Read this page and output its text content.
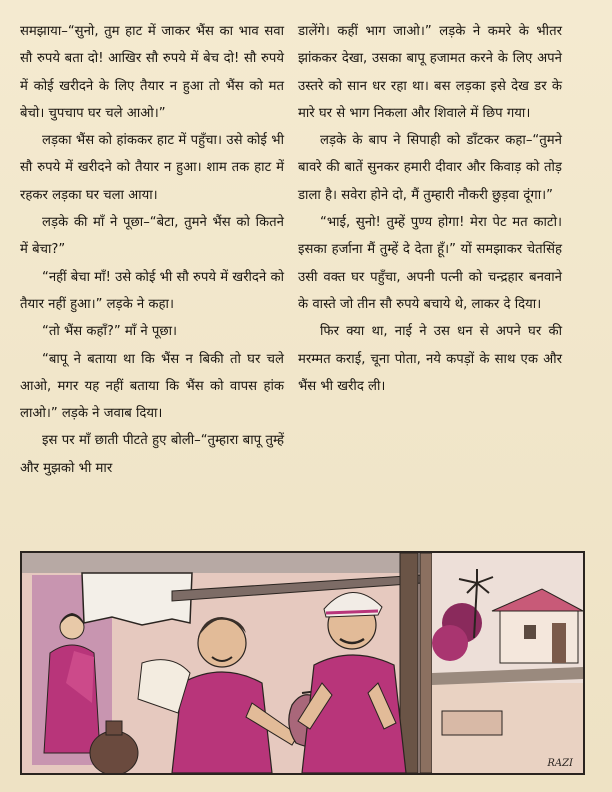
समझाया–“सुनो, तुम हाट में जाकर भैंस का भाव सवा सौ रुपये बता दो! आखिर सौ रुपये में बेच दो! सौ रुपये में कोई खरीदने के लिए तैयार न हुआ तो भैंस को मत बेचो। चुपचाप घर चले आओ।”

लड़का भैंस को हांककर हाट में पहुँचा। उसे कोई भी सौ रुपये में खरीदने को तैयार न हुआ। शाम तक हाट में रहकर लड़का घर चला आया।

लड़के की माँ ने पूछा–“बेटा, तुमने भैंस को कितने में बेचा?”

“नहीं बेचा माँ! उसे कोई भी सौ रुपये में खरीदने को तैयार नहीं हुआ।” लड़के ने कहा।

“तो भैंस कहाँ?” माँ ने पूछा।

“बापू ने बताया था कि भैंस न बिकी तो घर चले आओ, मगर यह नहीं बताया कि भैंस को वापस हांक लाओ।” लड़के ने जवाब दिया।

इस पर माँ छाती पीटते हुए बोली–“तुम्हारा बापू तुम्हें और मुझको भी मार

डालेंगे। कहीं भाग जाओ।” लड़के ने कमरे के भीतर झांककर देखा, उसका बापू हजामत करने के लिए अपने उस्तरे को सान धर रहा था। बस लड़का इसे देख डर के मारे घर से भाग निकला और शिवाले में छिप गया।

लड़के के बाप ने सिपाही को डाँटकर कहा–“तुमने बावरे की बातें सुनकर हमारी दीवार और किवाड़ को तोड़ डाला है। सवेरा होने दो, मैं तुम्हारी नौकरी छुड़वा दूंगा।”

“भाई, सुनो! तुम्हें पुण्य होगा! मेरा पेट मत काटो। इसका हर्जाना मैं तुम्हें दे देता हूँ।” यों समझाकर चेतसिंह उसी वक्त घर पहुँचा, अपनी पत्नी को चन्द्रहार बनवाने के वास्ते जो तीन सौ रुपये बचाये थे, लाकर दे दिया।

फिर क्या था, नाई ने उस धन से अपने घर की मरम्मत कराई, चूना पोता, नये कपड़ों के साथ एक और भैंस भी खरीद ली।

RAZI
